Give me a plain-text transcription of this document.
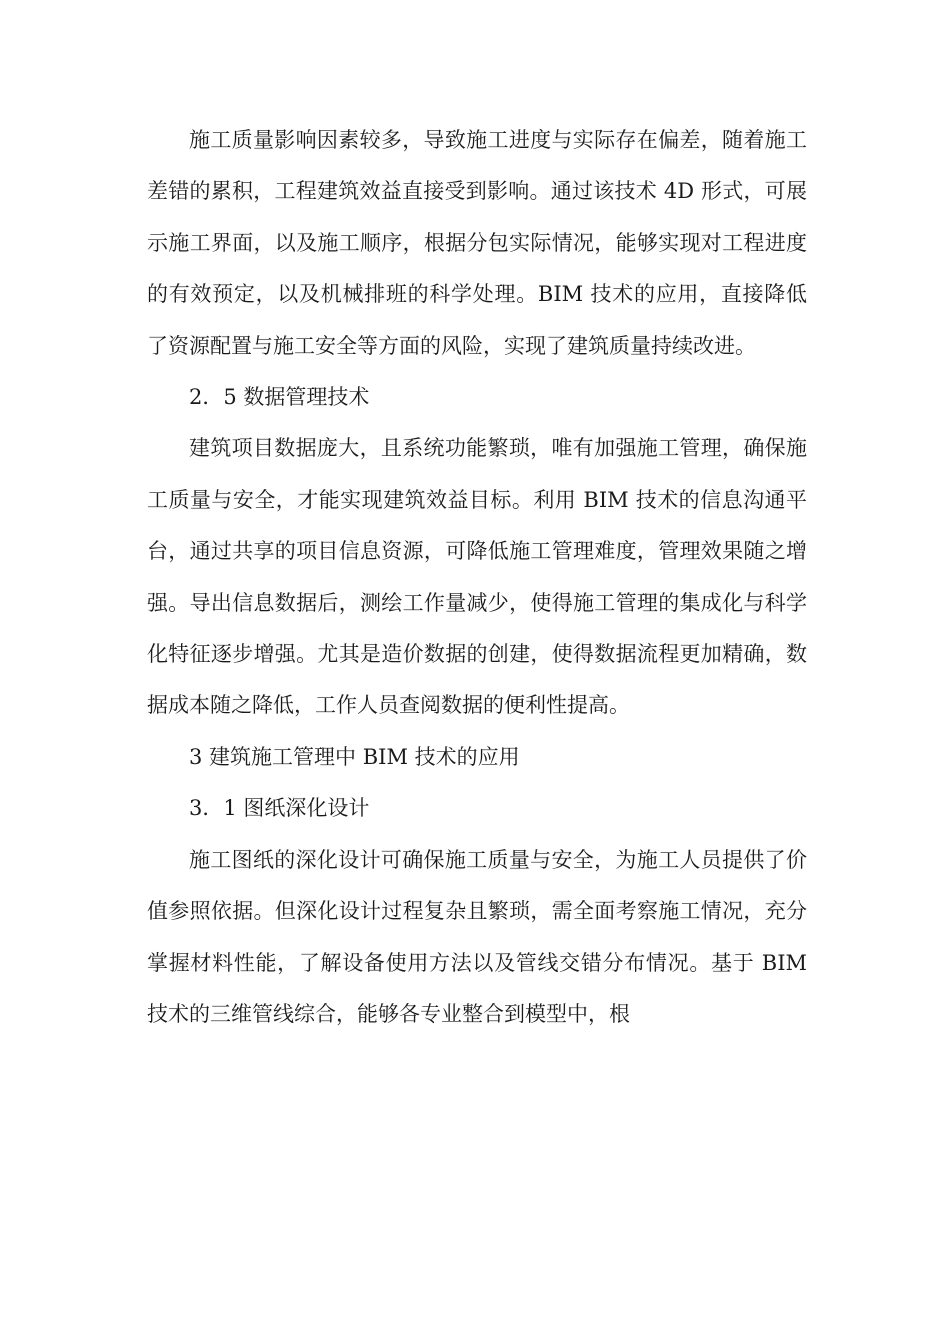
施工质量影响因素较多，导致施工进度与实际存在偏差，随着施工差错的累积，工程建筑效益直接受到影响。通过该技术 4D 形式，可展示施工界面，以及施工顺序，根据分包实际情况，能够实现对工程进度的有效预定，以及机械排班的科学处理。BIM 技术的应用，直接降低了资源配置与施工安全等方面的风险，实现了建筑质量持续改进。

2．5 数据管理技术

建筑项目数据庞大，且系统功能繁琐，唯有加强施工管理，确保施工质量与安全，才能实现建筑效益目标。利用 BIM 技术的信息沟通平台，通过共享的项目信息资源，可降低施工管理难度，管理效果随之增强。导出信息数据后，测绘工作量减少，使得施工管理的集成化与科学化特征逐步增强。尤其是造价数据的创建，使得数据流程更加精确，数据成本随之降低，工作人员查阅数据的便利性提高。

3 建筑施工管理中 BIM 技术的应用

3．1 图纸深化设计

施工图纸的深化设计可确保施工质量与安全，为施工人员提供了价值参照依据。但深化设计过程复杂且繁琐，需全面考察施工情况，充分掌握材料性能，了解设备使用方法以及管线交错分布情况。基于 BIM 技术的三维管线综合，能够各专业整合到模型中，根
